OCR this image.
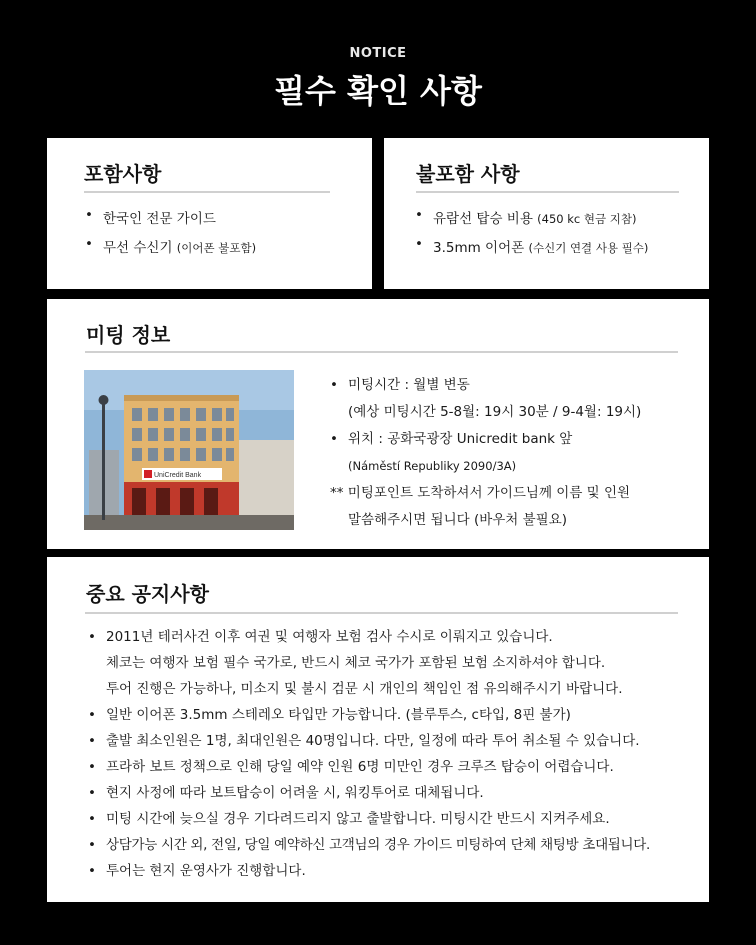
NOTICE
필수 확인 사항
포함사항
• 한국인 전문 가이드
• 무선 수신기 (이어폰 불포함)
불포함 사항
• 유람선 탑승 비용 (450 kc 현금 지참)
• 3.5mm 이어폰 (수신기 연결 사용 필수)
미팅 정보
UniCredit Bank
• 미팅시간 : 월별 변동
(예상 미팅시간 5-8월: 19시 30분 / 9-4월: 19시)
• 위치 : 공화국광장 Unicredit bank 앞
(Náměstí Republiky 2090/3A)
** 미팅포인트 도착하셔서 가이드님께 이름 및 인원
말씀해주시면 됩니다 (바우처 불필요)
중요 공지사항
• 2011년 테러사건 이후 여권 및 여행자 보험 검사 수시로 이뤄지고 있습니다.
체코는 여행자 보험 필수 국가로, 반드시 체코 국가가 포함된 보험 소지하셔야 합니다.
투어 진행은 가능하나, 미소지 및 불시 검문 시 개인의 책임인 점 유의해주시기 바랍니다.
• 일반 이어폰 3.5mm 스테레오 타입만 가능합니다. (블루투스, c타입, 8핀 불가)
• 출발 최소인원은 1명, 최대인원은 40명입니다. 다만, 일정에 따라 투어 취소될 수 있습니다.
• 프라하 보트 정책으로 인해 당일 예약 인원 6명 미만인 경우 크루즈 탑승이 어렵습니다.
• 현지 사정에 따라 보트탑승이 어려울 시, 워킹투어로 대체됩니다.
• 미팅 시간에 늦으실 경우 기다려드리지 않고 출발합니다. 미팅시간 반드시 지켜주세요.
• 상담가능 시간 외, 전일, 당일 예약하신 고객님의 경우 가이드 미팅하여 단체 채팅방 초대됩니다.
• 투어는 현지 운영사가 진행합니다.
